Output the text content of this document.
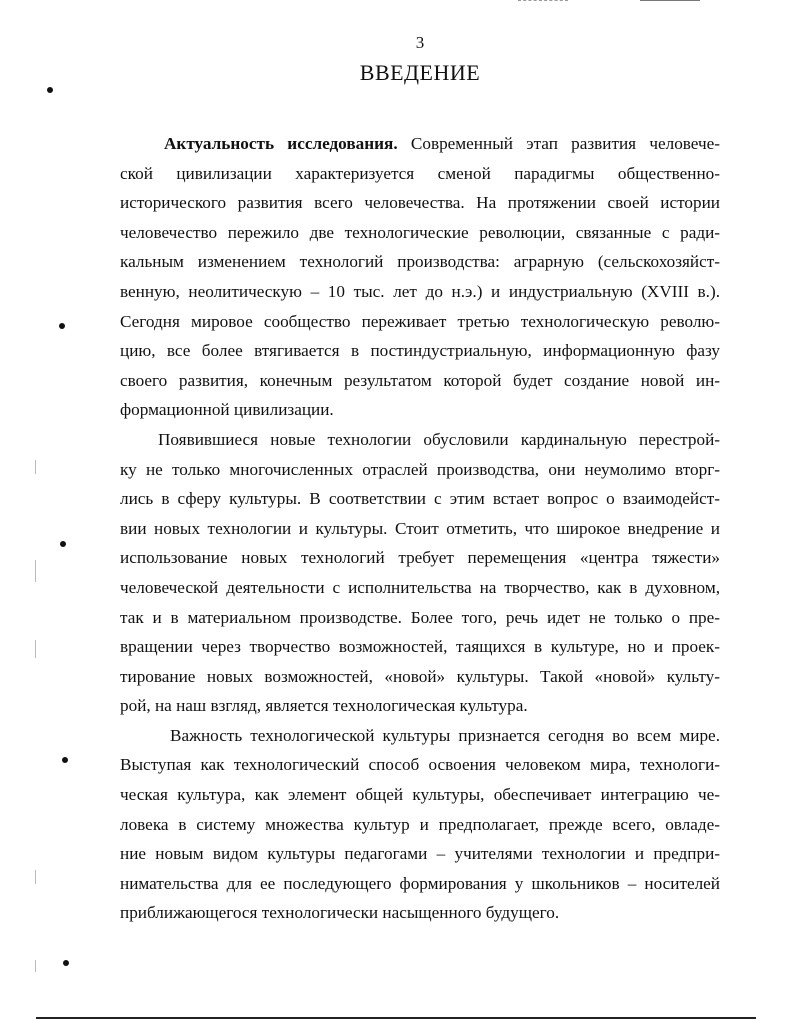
3
ВВЕДЕНИЕ

Актуальность исследования. Современный этап развития человече-
ской цивилизации характеризуется сменой парадигмы общественно-
исторического развития всего человечества. На протяжении своей истории
человечество пережило две технологические революции, связанные с ради-
кальным изменением технологий производства: аграрную (сельскохозяйст-
венную, неолитическую – 10 тыс. лет до н.э.) и индустриальную (XVIII в.).
Сегодня мировое сообщество переживает третью технологическую револю-
цию, все более втягивается в постиндустриальную, информационную фазу
своего развития, конечным результатом которой будет создание новой ин-
формационной цивилизации.

Появившиеся новые технологии обусловили кардинальную перестрой-
ку не только многочисленных отраслей производства, они неумолимо вторг-
лись в сферу культуры. В соответствии с этим встает вопрос о взаимодейст-
вии новых технологии и культуры. Стоит отметить, что широкое внедрение и
использование новых технологий требует перемещения «центра тяжести»
человеческой деятельности с исполнительства на творчество, как в духовном,
так и в материальном производстве. Более того, речь идет не только о пре-
вращении через творчество возможностей, таящихся в культуре, но и проек-
тирование новых возможностей, «новой» культуры. Такой «новой» культу-
рой, на наш взгляд, является технологическая культура.

Важность технологической культуры признается сегодня во всем мире.
Выступая как технологический способ освоения человеком мира, технологи-
ческая культура, как элемент общей культуры, обеспечивает интеграцию че-
ловека в систему множества культур и предполагает, прежде всего, овладе-
ние новым видом культуры педагогами – учителями технологии и предпри-
нимательства для ее последующего формирования у школьников – носителей
приближающегося технологически насыщенного будущего.
